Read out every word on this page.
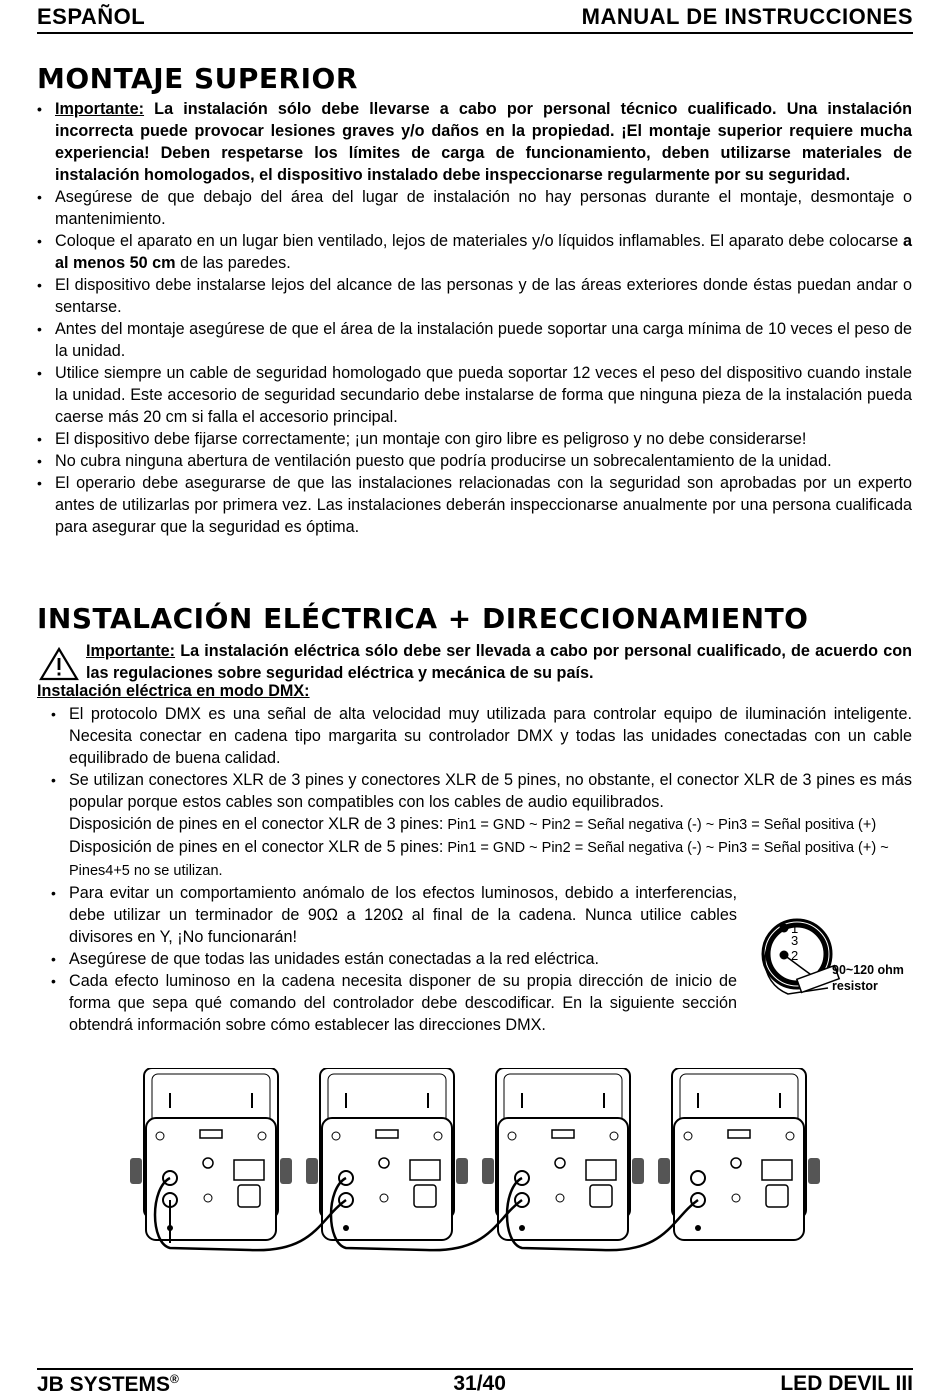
ESPAÑOL	MANUAL DE INSTRUCCIONES
MONTAJE SUPERIOR
• Importante: La instalación sólo debe llevarse a cabo por personal técnico cualificado. Una instalación incorrecta puede provocar lesiones graves y/o daños en la propiedad. ¡El montaje superior requiere mucha experiencia! Deben respetarse los límites de carga de funcionamiento, deben utilizarse materiales de instalación homologados, el dispositivo instalado debe inspeccionarse regularmente por su seguridad.
• Asegúrese de que debajo del área del lugar de instalación no hay personas durante el montaje, desmontaje o mantenimiento.
• Coloque el aparato en un lugar bien ventilado, lejos de materiales y/o líquidos inflamables. El aparato debe colocarse a al menos 50 cm de las paredes.
• El dispositivo debe instalarse lejos del alcance de las personas y de las áreas exteriores donde éstas puedan andar o sentarse.
• Antes del montaje asegúrese de que el área de la instalación puede soportar una carga mínima de 10 veces el peso de la unidad.
• Utilice siempre un cable de seguridad homologado que pueda soportar 12 veces el peso del dispositivo cuando instale la unidad. Este accesorio de seguridad secundario debe instalarse de forma que ninguna pieza de la instalación pueda caerse más 20 cm si falla el accesorio principal.
• El dispositivo debe fijarse correctamente; ¡un montaje con giro libre es peligroso y no debe considerarse!
• No cubra ninguna abertura de ventilación puesto que podría producirse un sobrecalentamiento de la unidad.
• El operario debe asegurarse de que las instalaciones relacionadas con la seguridad son aprobadas por un experto antes de utilizarlas por primera vez. Las instalaciones deberán inspeccionarse anualmente por una persona cualificada para asegurar que la seguridad es óptima.
INSTALACIÓN ELÉCTRICA + DIRECCIONAMIENTO
Importante: La instalación eléctrica sólo debe ser llevada a cabo por personal cualificado, de acuerdo con las regulaciones sobre seguridad eléctrica y mecánica de su país.
Instalación eléctrica en modo DMX:
• El protocolo DMX es una señal de alta velocidad muy utilizada para controlar equipo de iluminación inteligente. Necesita conectar en cadena tipo margarita su controlador DMX y todas las unidades conectadas con un cable equilibrado de buena calidad.
• Se utilizan conectores XLR de 3 pines y conectores XLR de 5 pines, no obstante, el conector XLR de 3 pines es más popular porque estos cables son compatibles con los cables de audio equilibrados.
Disposición de pines en el conector XLR de 3 pines: Pin1 = GND ~ Pin2 = Señal negativa (-) ~ Pin3 = Señal positiva (+)
Disposición de pines en el conector XLR de 5 pines: Pin1 = GND ~ Pin2 = Señal negativa (-) ~ Pin3 = Señal positiva (+) ~ Pines4+5 no se utilizan.
• Para evitar un comportamiento anómalo de los efectos luminosos, debido a interferencias, debe utilizar un terminador de 90Ω a 120Ω al final de la cadena. Nunca utilice cables divisores en Y, ¡No funcionarán!
• Asegúrese de que todas las unidades están conectadas a la red eléctrica.
• Cada efecto luminoso en la cadena necesita disponer de su propia dirección de inicio de forma que sepa qué comando del controlador debe descodificar. En la siguiente sección obtendrá información sobre cómo establecer las direcciones DMX.
1
3
2
90~120 ohm
resistor
JB SYSTEMS®	31/40	LED DEVIL III
